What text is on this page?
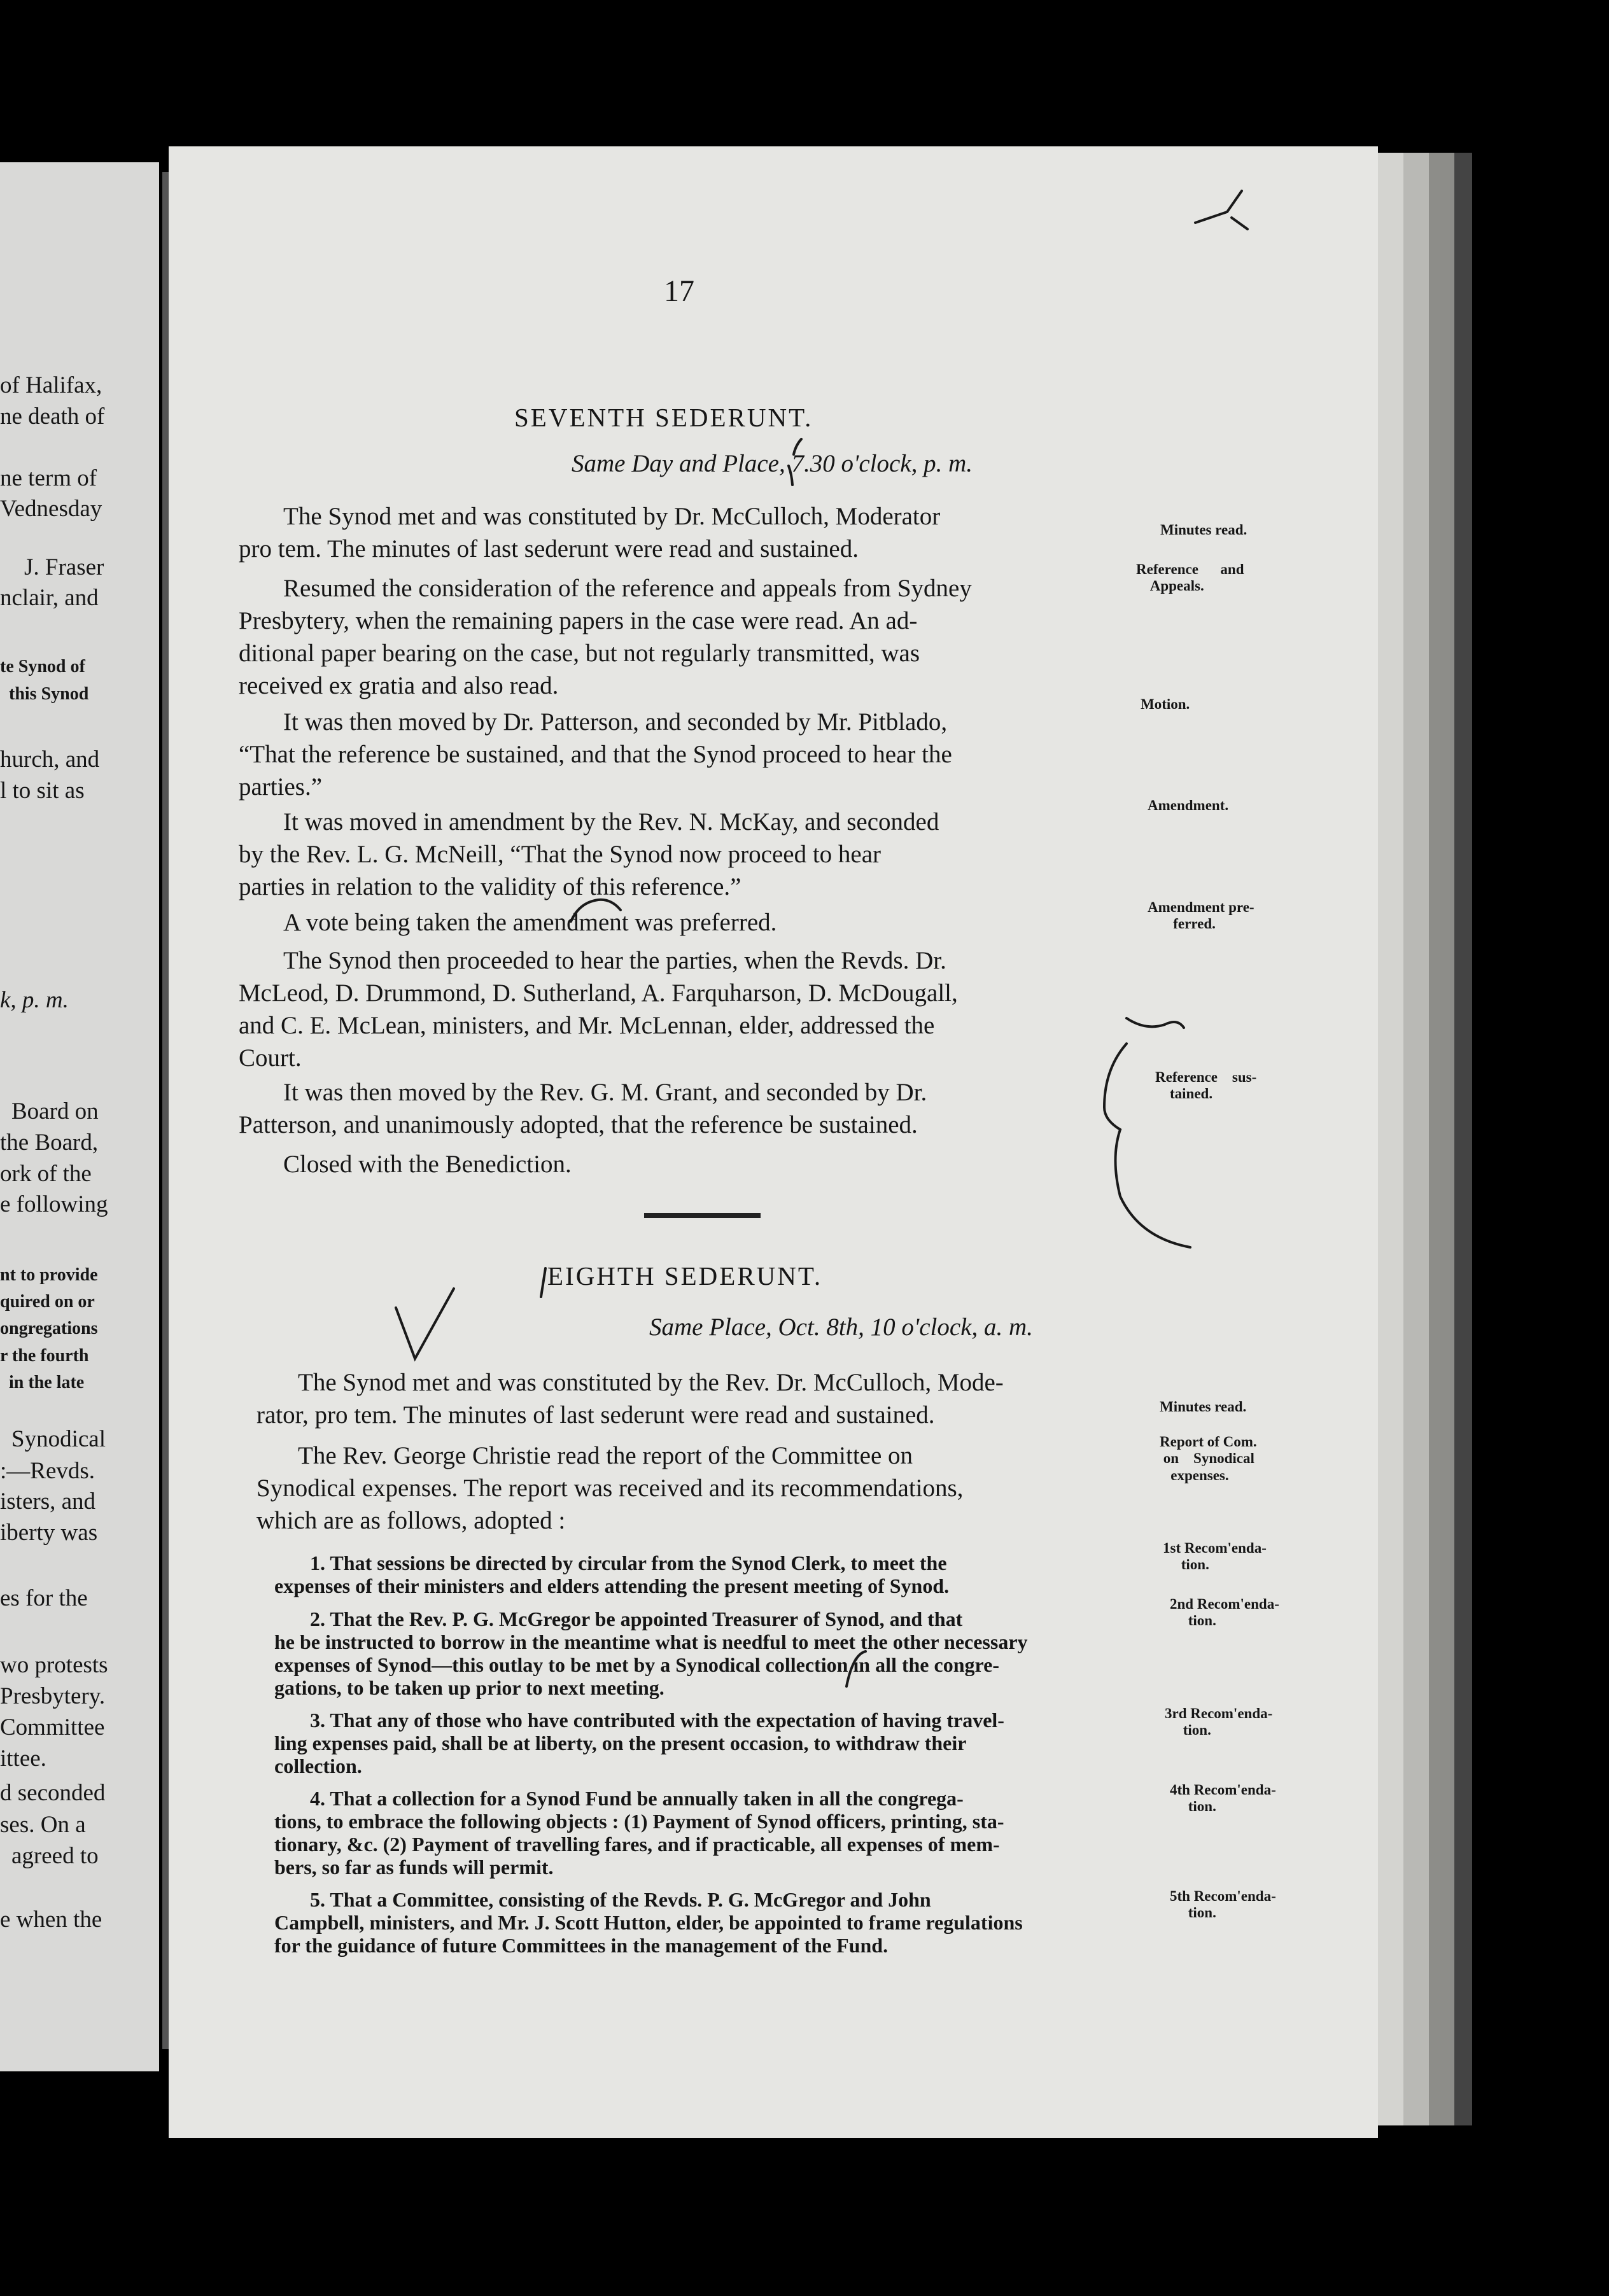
of Halifax,
ne death of
ne term of
Vednesday
J. Fraser
nclair, and
te Synod of
this Synod
hurch, and
l to sit as
k, p. m.
Board on
the Board,
ork of the
e following
nt to provide
quired on or
ongregations
r the fourth
in the late
Synodical
:—Revds.
isters, and
iberty was
es for the
wo protests
Presbytery.
Committee
ittee.
d seconded
ses. On a
agreed to
e when the
17
SEVENTH SEDERUNT.
Same Day and Place, 7.30 o'clock, p. m.
The Synod met and was constituted by Dr. McCulloch, Moderator
pro tem. The minutes of last sederunt were read and sustained.
Resumed the consideration of the reference and appeals from Sydney
Presbytery, when the remaining papers in the case were read. An ad-
ditional paper bearing on the case, but not regularly transmitted, was
received ex gratia and also read.
It was then moved by Dr. Patterson, and seconded by Mr. Pitblado,
“That the reference be sustained, and that the Synod proceed to hear the
parties.”
It was moved in amendment by the Rev. N. McKay, and seconded
by the Rev. L. G. McNeill, “That the Synod now proceed to hear
parties in relation to the validity of this reference.”
A vote being taken the amendment was preferred.
The Synod then proceeded to hear the parties, when the Revds. Dr.
McLeod, D. Drummond, D. Sutherland, A. Farquharson, D. McDougall,
and C. E. McLean, ministers, and Mr. McLennan, elder, addressed the
Court.
It was then moved by the Rev. G. M. Grant, and seconded by Dr.
Patterson, and unanimously adopted, that the reference be sustained.
Closed with the Benediction.
Minutes read.
Reference      and
Appeals.
Motion.
Amendment.
Amendment pre-
ferred.
Reference    sus-
tained.
EIGHTH SEDERUNT.
Same Place, Oct. 8th, 10 o'clock, a. m.
The Synod met and was constituted by the Rev. Dr. McCulloch, Mode-
rator, pro tem. The minutes of last sederunt were read and sustained.
The Rev. George Christie read the report of the Committee on
Synodical expenses. The report was received and its recommendations,
which are as follows, adopted :
1. That sessions be directed by circular from the Synod Clerk, to meet the
expenses of their ministers and elders attending the present meeting of Synod.
2. That the Rev. P. G. McGregor be appointed Treasurer of Synod, and that
he be instructed to borrow in the meantime what is needful to meet the other necessary
expenses of Synod—this outlay to be met by a Synodical collection in all the congre-
gations, to be taken up prior to next meeting.
3. That any of those who have contributed with the expectation of having travel-
ling expenses paid, shall be at liberty, on the present occasion, to withdraw their
collection.
4. That a collection for a Synod Fund be annually taken in all the congrega-
tions, to embrace the following objects : (1) Payment of Synod officers, printing, sta-
tionary, &c. (2) Payment of travelling fares, and if practicable, all expenses of mem-
bers, so far as funds will permit.
5. That a Committee, consisting of the Revds. P. G. McGregor and John
Campbell, ministers, and Mr. J. Scott Hutton, elder, be appointed to frame regulations
for the guidance of future Committees in the management of the Fund.
Minutes read.
Report of Com.
on    Synodical
expenses.
1st Recom'enda-
tion.
2nd Recom'enda-
tion.
3rd Recom'enda-
tion.
4th Recom'enda-
tion.
5th Recom'enda-
tion.
